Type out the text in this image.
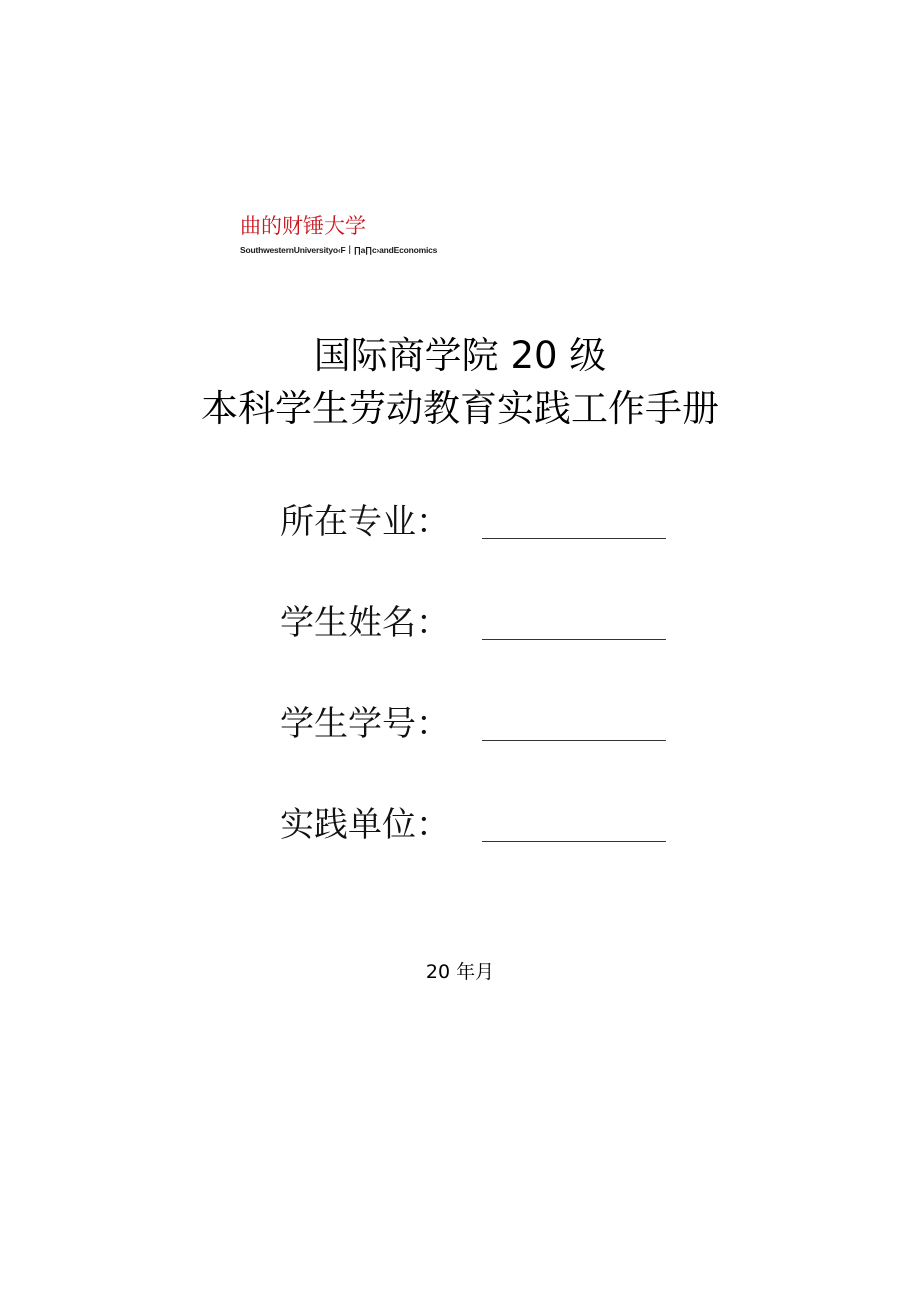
曲的财锤大学
SouthwesternUniversityo‹F丨∏a∏c›andEconomics
国际商学院 20 级
本科学生劳动教育实践工作手册
所在专业：
学生姓名：
学生学号：
实践单位：
20 年月
